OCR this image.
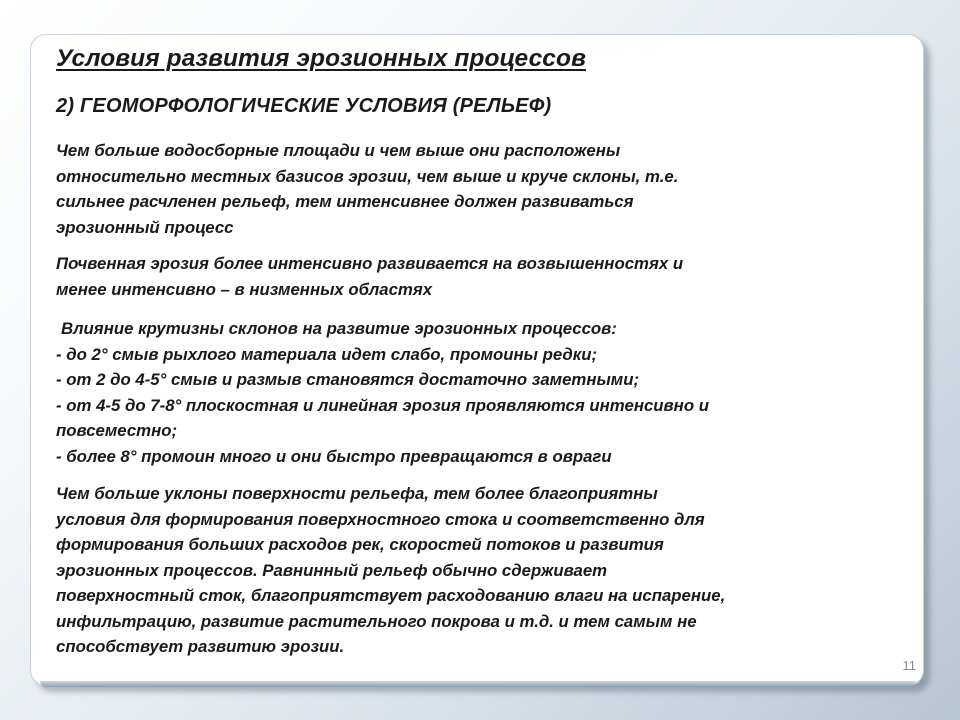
Условия развития эрозионных процессов
2) ГЕОМОРФОЛОГИЧЕСКИЕ УСЛОВИЯ (РЕЛЬЕФ)

Чем больше водосборные площади и чем выше они расположены
относительно местных базисов эрозии, чем выше и круче склоны, т.е.
сильнее расчленен рельеф, тем интенсивнее должен развиваться
эрозионный процесс

Почвенная эрозия более интенсивно развивается на возвышенностях и
менее интенсивно – в низменных областях

Влияние крутизны склонов на развитие эрозионных процессов:
- до 2° смыв рыхлого материала идет слабо, промоины редки;
- от 2 до 4-5° смыв и размыв становятся достаточно заметными;
- от 4-5 до 7-8° плоскостная и линейная эрозия проявляются интенсивно и
повсеместно;
- более 8° промоин много и они быстро превращаются в овраги

Чем больше уклоны поверхности рельефа, тем более благоприятны
условия для формирования поверхностного стока и соответственно для
формирования больших расходов рек, скоростей потоков и развития
эрозионных процессов. Равнинный рельеф обычно сдерживает
поверхностный сток, благоприятствует расходованию влаги на испарение,
инфильтрацию, развитие растительного покрова и т.д. и тем самым не
способствует развитию эрозии.

11
